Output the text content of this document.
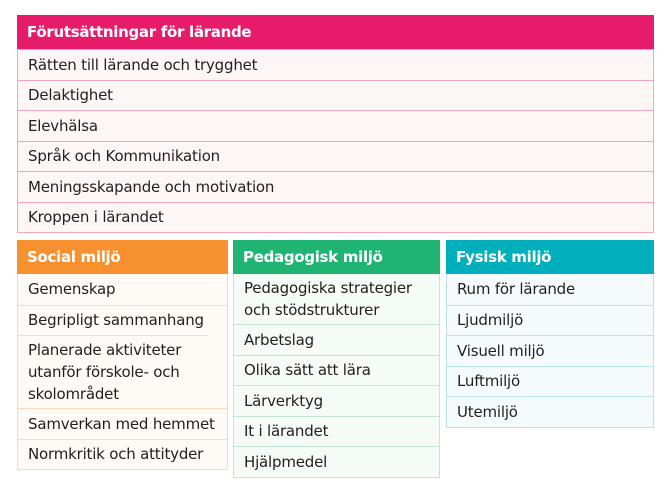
Förutsättningar för lärande
Rätten till lärande och trygghet
Delaktighet
Elevhälsa
Språk och Kommunikation
Meningsskapande och motivation
Kroppen i lärandet
Social miljö
Gemenskap
Begripligt sammanhang
Planerade aktiviteter utanför förskole- och skolområdet
Samverkan med hemmet
Normkritik och attityder
Pedagogisk miljö
Pedagogiska strategier och stödstrukturer
Arbetslag
Olika sätt att lära
Lärverktyg
It i lärandet
Hjälpmedel
Fysisk miljö
Rum för lärande
Ljudmiljö
Visuell miljö
Luftmiljö
Utemiljö
